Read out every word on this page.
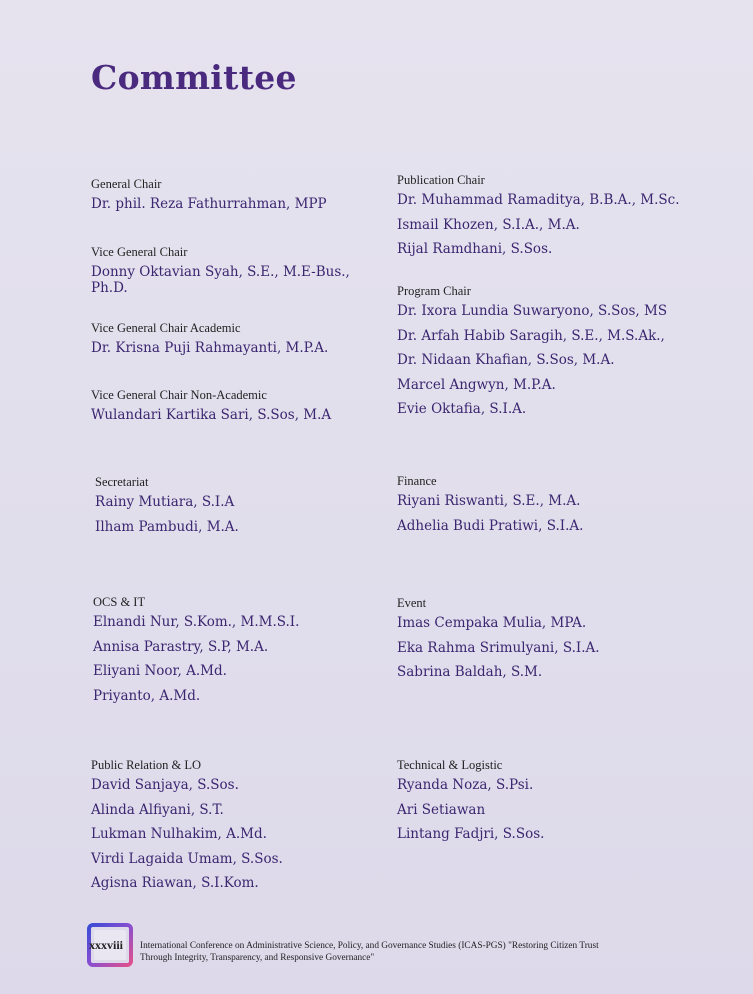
Committee
General Chair
Dr. phil. Reza Fathurrahman, MPP
Vice General Chair
Donny Oktavian Syah, S.E., M.E-Bus., Ph.D.
Vice General Chair Academic
Dr. Krisna Puji Rahmayanti, M.P.A.
Vice General Chair Non-Academic
Wulandari Kartika Sari, S.Sos, M.A
Secretariat
Rainy Mutiara, S.I.A
Ilham Pambudi, M.A.
OCS & IT
Elnandi Nur, S.Kom., M.M.S.I.
Annisa Parastry, S.P, M.A.
Eliyani Noor, A.Md.
Priyanto, A.Md.
Public Relation & LO
David Sanjaya, S.Sos.
Alinda Alfiyani, S.T.
Lukman Nulhakim, A.Md.
Virdi Lagaida Umam, S.Sos.
Agisna Riawan, S.I.Kom.
Publication Chair
Dr. Muhammad Ramaditya, B.B.A., M.Sc.
Ismail Khozen, S.I.A., M.A.
Rijal Ramdhani, S.Sos.
Program Chair
Dr. Ixora Lundia Suwaryono, S.Sos, MS
Dr. Arfah Habib Saragih, S.E., M.S.Ak.,
Dr. Nidaan Khafian, S.Sos, M.A.
Marcel Angwyn, M.P.A.
Evie Oktafia, S.I.A.
Finance
Riyani Riswanti, S.E., M.A.
Adhelia Budi Pratiwi, S.I.A.
Event
Imas Cempaka Mulia, MPA.
Eka Rahma Srimulyani, S.I.A.
Sabrina Baldah, S.M.
Technical & Logistic
Ryanda Noza, S.Psi.
Ari Setiawan
Lintang Fadjri, S.Sos.
xxxviii International Conference on Administrative Science, Policy, and Governance Studies (ICAS-PGS) "Restoring Citizen Trust
Through Integrity, Transparency, and Responsive Governance"
